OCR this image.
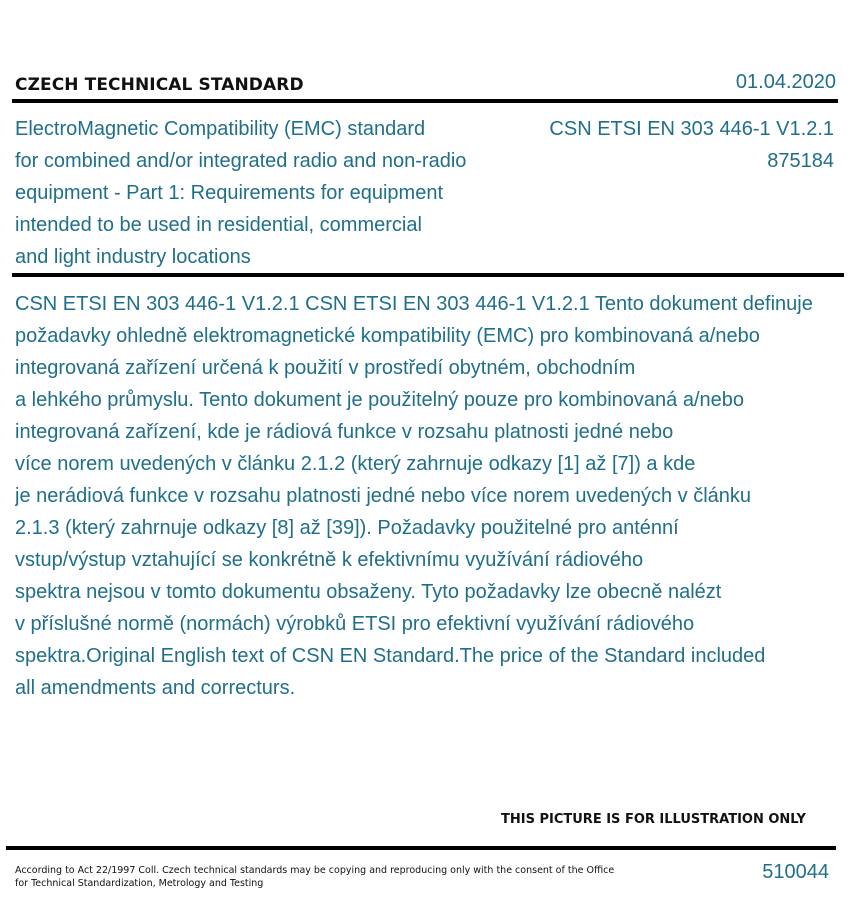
CZECH TECHNICAL STANDARD	01.04.2020
ElectroMagnetic Compatibility (EMC) standard
for combined and/or integrated radio and non-radio
equipment - Part 1: Requirements for equipment
intended to be used in residential, commercial
and light industry locations
CSN ETSI EN 303 446-1 V1.2.1
875184

CSN ETSI EN 303 446-1 V1.2.1 CSN ETSI EN 303 446-1 V1.2.1 Tento dokument definuje
požadavky ohledně elektromagnetické kompatibility (EMC) pro kombinovaná a/nebo
integrovaná zařízení určená k použití v prostředí obytném, obchodním
a lehkého průmyslu. Tento dokument je použitelný pouze pro kombinovaná a/nebo
integrovaná zařízení, kde je rádiová funkce v rozsahu platnosti jedné nebo
více norem uvedených v článku 2.1.2 (který zahrnuje odkazy [1] až [7]) a kde
je nerádiová funkce v rozsahu platnosti jedné nebo více norem uvedených v článku
2.1.3 (který zahrnuje odkazy [8] až [39]). Požadavky použitelné pro anténní
vstup/výstup vztahující se konkrétně k efektivnímu využívání rádiového
spektra nejsou v tomto dokumentu obsaženy. Tyto požadavky lze obecně nalézt
v příslušné normě (normách) výrobků ETSI pro efektivní využívání rádiového
spektra.Original English text of CSN EN Standard.The price of the Standard included
all amendments and correcturs.

THIS PICTURE IS FOR ILLUSTRATION ONLY
According to Act 22/1997 Coll. Czech technical standards may be copying and reproducing only with the consent of the Office
for Technical Standardization, Metrology and Testing
510044
